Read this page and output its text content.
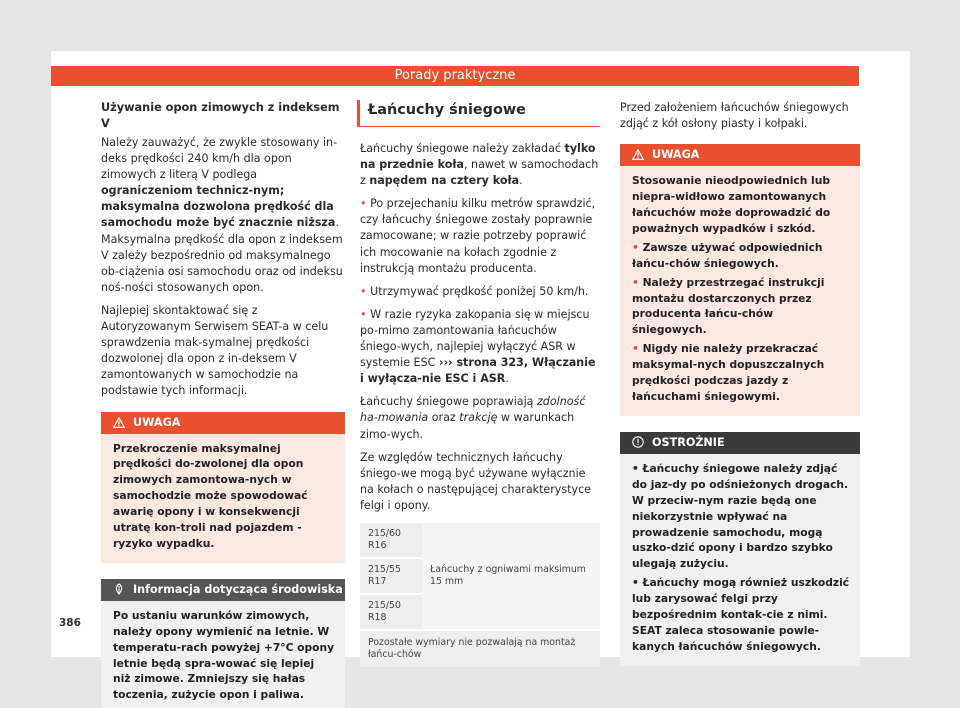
Porady praktyczne
Używanie opon zimowych z indeksem V
Należy zauważyć, że zwykle stosowany in-deks prędkości 240 km/h dla opon zimowych z literą V podlega ograniczeniom technicz-nym; maksymalna dozwolona prędkość dla samochodu może być znacznie niższa. Maksymalna prędkość dla opon z indeksem V zależy bezpośrednio od maksymalnego ob-ciążenia osi samochodu oraz od indeksu noś-ności stosowanych opon.
Najlepiej skontaktować się z Autoryzowanym Serwisem SEAT-a w celu sprawdzenia mak-symalnej prędkości dozwolonej dla opon z in-deksem V zamontowanych w samochodzie na podstawie tych informacji.
UWAGA

Przekroczenie maksymalnej prędkości do-zwolonej dla opon zimowych zamontowa-nych w samochodzie może spowodować awarię opony i w konsekwencji utratę kon-troli nad pojazdem - ryzyko wypadku.

Informacja dotycząca środowiska

Po ustaniu warunków zimowych, należy opony wymienić na letnie. W temperatu-rach powyżej +7°C opony letnie będą spra-wować się lepiej niż zimowe. Zmniejszy się hałas toczenia, zużycie opon i paliwa.

Łańcuchy śniegowe
Łańcuchy śniegowe należy zakładać tylko na przednie koła, nawet w samochodach z napędem na cztery koła.
• Po przejechaniu kilku metrów sprawdzić, czy łańcuchy śniegowe zostały poprawnie zamocowane; w razie potrzeby poprawić ich mocowanie na kołach zgodnie z instrukcją montażu producenta.
• Utrzymywać prędkość poniżej 50 km/h.
• W razie ryzyka zakopania się w miejscu po-mimo zamontowania łańcuchów śniego-wych, najlepiej wyłączyć ASR w systemie ESC ››› strona 323, Włączanie i wyłącza-nie ESC i ASR.
Łańcuchy śniegowe poprawiają zdolność ha-mowania oraz trakcję w warunkach zimo-wych.
Ze względów technicznych łańcuchy śniego-we mogą być używane wyłącznie na kołach o następującej charakterystyce felgi i opony.
215/60 R16	Łańcuchy z ogniwami maksimum 15 mm
215/55 R17
215/50 R18
Pozostałe wymiary nie pozwalają na montaż łańcu-chów
Przed założeniem łańcuchów śniegowych zdjąć z kół osłony piasty i kołpaki.
UWAGA

Stosowanie nieodpowiednich lub niepra-widłowo zamontowanych łańcuchów może doprowadzić do poważnych wypadków i szkód.

• Zawsze używać odpowiednich łańcu-chów śniegowych.

• Należy przestrzegać instrukcji montażu dostarczonych przez producenta łańcu-chów śniegowych.

• Nigdy nie należy przekraczać maksymal-nych dopuszczalnych prędkości podczas jazdy z łańcuchami śniegowymi.

OSTROŻNIE

• Łańcuchy śniegowe należy zdjąć do jaz-dy po odśnieżonych drogach. W przeciw-nym razie będą one niekorzystnie wpływać na prowadzenie samochodu, mogą uszko-dzić opony i bardzo szybko ulegają zużyciu.

• Łańcuchy mogą również uszkodzić lub zarysować felgi przy bezpośrednim kontak-cie z nimi. SEAT zaleca stosowanie powle-kanych łańcuchów śniegowych.

386
